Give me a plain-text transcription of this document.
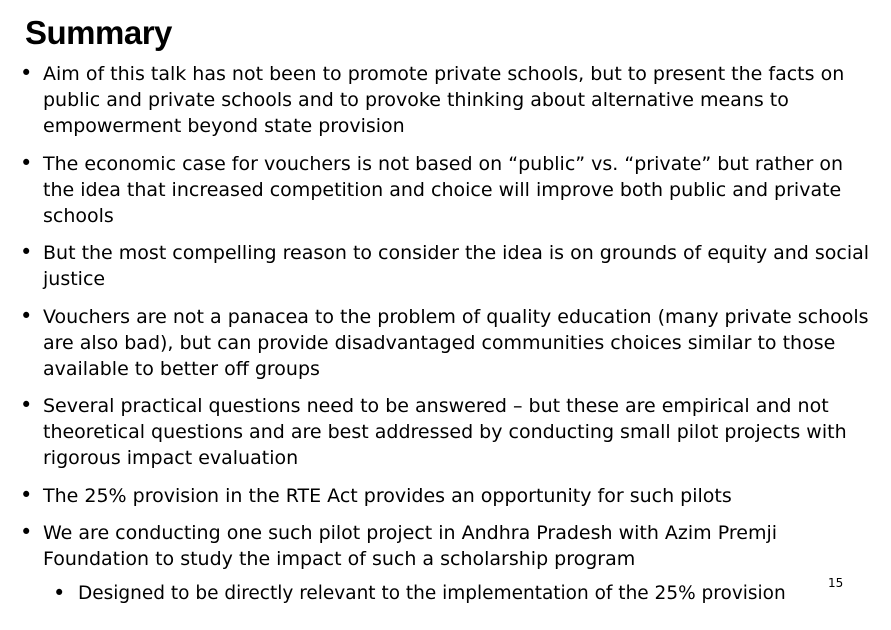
Summary
• Aim of this talk has not been to promote private schools, but to present the facts on public and private schools and to provoke thinking about alternative means to empowerment beyond state provision
• The economic case for vouchers is not based on “public” vs. “private” but rather on the idea that increased competition and choice will improve both public and private schools
• But the most compelling reason to consider the idea is on grounds of equity and social justice
• Vouchers are not a panacea to the problem of quality education (many private schools are also bad), but can provide disadvantaged communities choices similar to those available to better off groups
• Several practical questions need to be answered – but these are empirical and not theoretical questions and are best addressed by conducting small pilot projects with rigorous impact evaluation
• The 25% provision in the RTE Act provides an opportunity for such pilots
• We are conducting one such pilot project in Andhra Pradesh with Azim Premji Foundation to study the impact of such a scholarship program
• Designed to be directly relevant to the implementation of the 25% provision	15
